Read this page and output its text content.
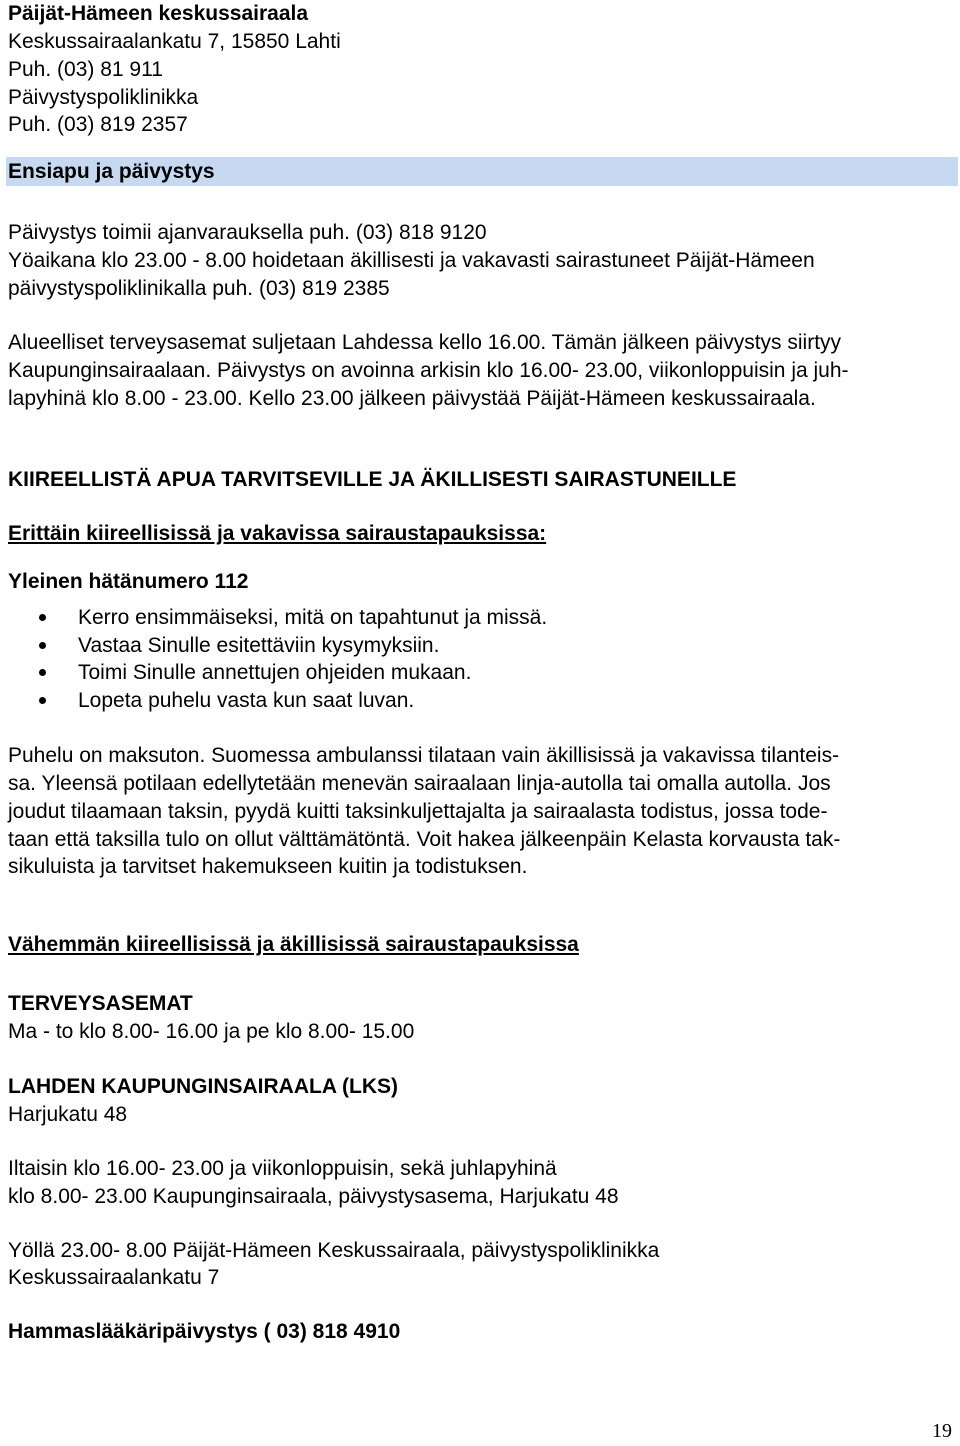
Päijät-Hämeen keskussairaala

Keskussairaalankatu 7, 15850 Lahti

Puh. (03) 81 911

Päivystyspoliklinikka

Puh. (03) 819 2357

Ensiapu ja päivystys

Päivystys toimii ajanvarauksella puh. (03) 818 9120

Yöaikana klo 23.00 - 8.00 hoidetaan äkillisesti ja vakavasti sairastuneet Päijät-Hämeen

päivystyspoliklinikalla puh. (03) 819 2385

Alueelliset terveysasemat suljetaan Lahdessa kello 16.00. Tämän jälkeen päivystys siirtyy

Kaupunginsairaalaan. Päivystys on avoinna arkisin klo 16.00- 23.00, viikonloppuisin ja juh-

lapyhinä klo 8.00 - 23.00. Kello 23.00 jälkeen päivystää Päijät-Hämeen keskussairaala.

KIIREELLISTÄ APUA TARVITSEVILLE JA ÄKILLISESTI SAIRASTUNEILLE

Erittäin kiireellisissä ja vakavissa sairaustapauksissa:

Yleinen hätänumero 112

Kerro ensimmäiseksi, mitä on tapahtunut ja missä.
Vastaa Sinulle esitettäviin kysymyksiin.
Toimi Sinulle annettujen ohjeiden mukaan.
Lopeta puhelu vasta kun saat luvan.

Puhelu on maksuton. Suomessa ambulanssi tilataan vain äkillisissä ja vakavissa tilanteis-

sa. Yleensä potilaan edellytetään menevän sairaalaan linja-autolla tai omalla autolla. Jos

joudut tilaamaan taksin, pyydä kuitti taksinkuljettajalta ja sairaalasta todistus, jossa tode-

taan että taksilla tulo on ollut välttämätöntä. Voit hakea jälkeenpäin Kelasta korvausta tak-

sikuluista ja tarvitset hakemukseen kuitin ja todistuksen.

Vähemmän kiireellisissä ja äkillisissä sairaustapauksissa

TERVEYSASEMAT

Ma - to klo 8.00- 16.00 ja pe klo 8.00- 15.00

LAHDEN KAUPUNGINSAIRAALA (LKS)

Harjukatu 48

Iltaisin klo 16.00- 23.00 ja viikonloppuisin, sekä juhlapyhinä

klo 8.00- 23.00 Kaupunginsairaala, päivystysasema, Harjukatu 48

Yöllä 23.00- 8.00 Päijät-Hämeen Keskussairaala, päivystyspoliklinikka

Keskussairaalankatu 7

Hammaslääkäripäivystys ( 03) 818 4910

19
